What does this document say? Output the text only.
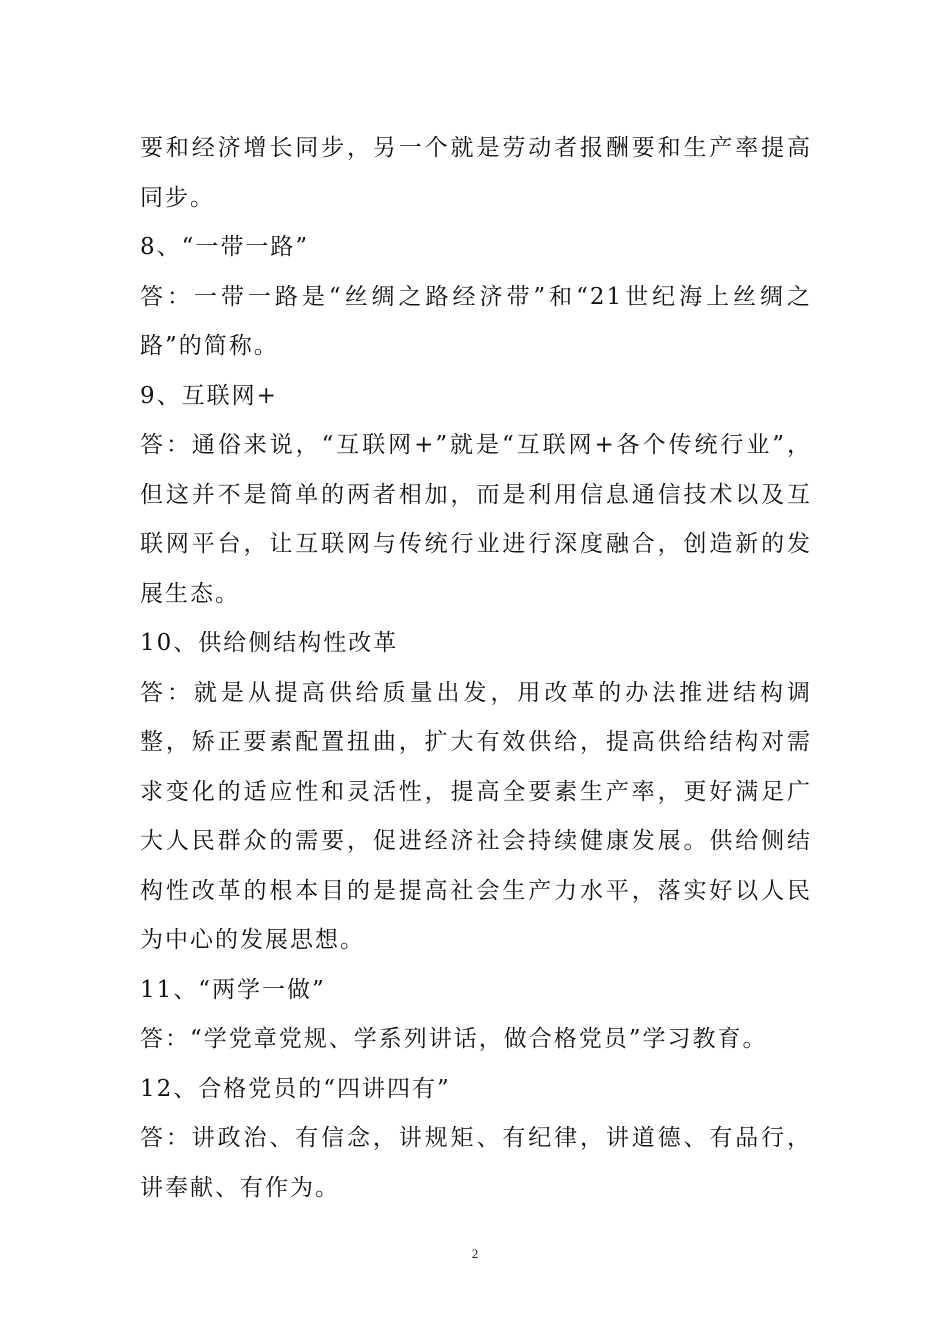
要和经济增长同步，另一个就是劳动者报酬要和生产率提高同步。

8、“一带一路”

答：一带一路是“丝绸之路经济带”和“21世纪海上丝绸之路”的简称。

9、互联网+

答：通俗来说，“互联网+”就是“互联网+各个传统行业”，但这并不是简单的两者相加，而是利用信息通信技术以及互联网平台，让互联网与传统行业进行深度融合，创造新的发展生态。

10、供给侧结构性改革

答：就是从提高供给质量出发，用改革的办法推进结构调整，矫正要素配置扭曲，扩大有效供给，提高供给结构对需求变化的适应性和灵活性，提高全要素生产率，更好满足广大人民群众的需要，促进经济社会持续健康发展。供给侧结构性改革的根本目的是提高社会生产力水平，落实好以人民为中心的发展思想。

11、“两学一做”

答：“学党章党规、学系列讲话，做合格党员”学习教育。

12、合格党员的“四讲四有”

答：讲政治、有信念，讲规矩、有纪律，讲道德、有品行，讲奉献、有作为。

2
